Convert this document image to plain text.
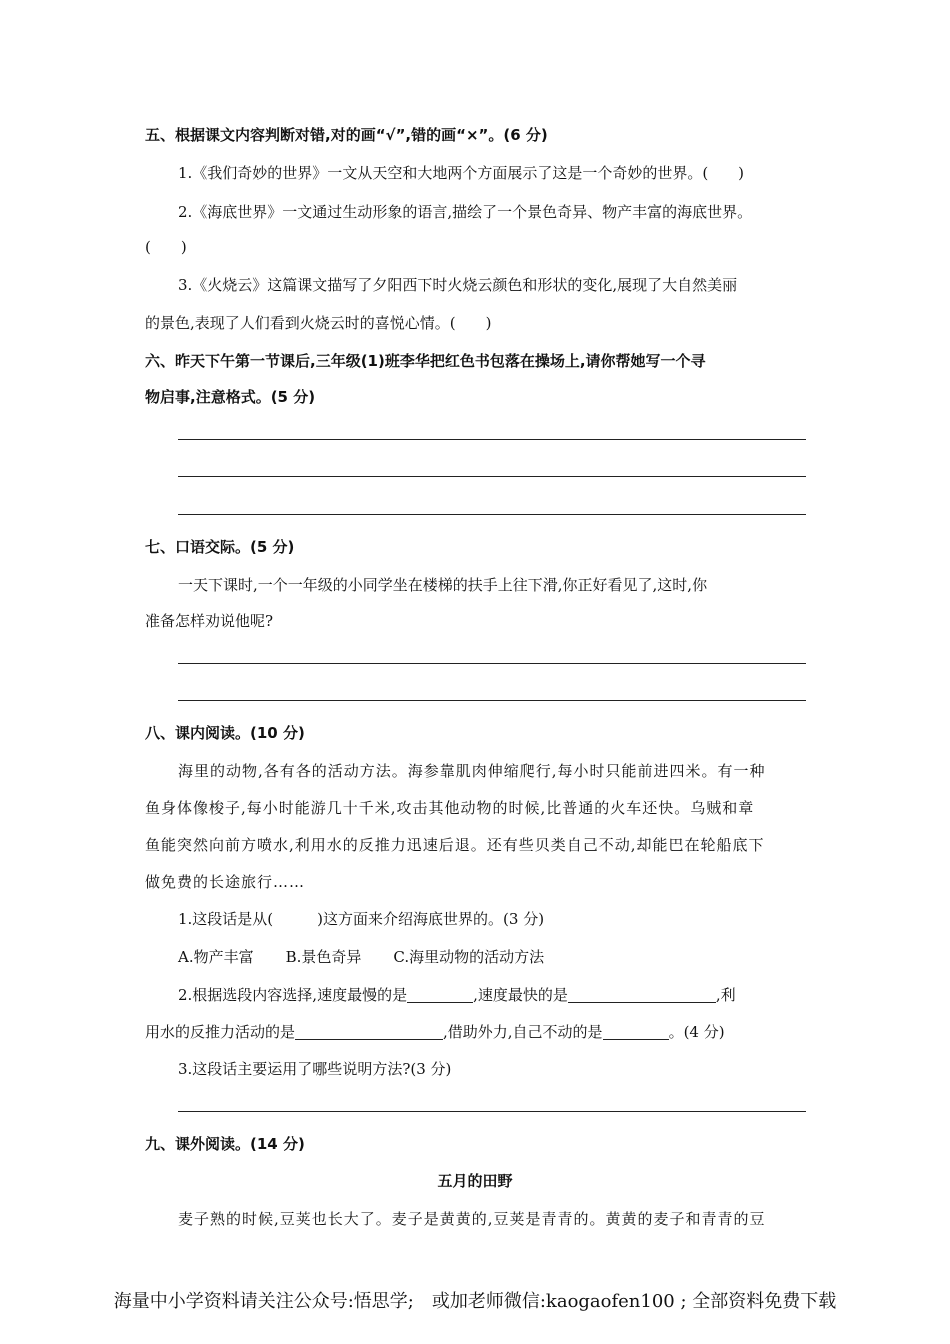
五、根据课文内容判断对错,对的画“√”,错的画“×”。(6 分)
1.《我们奇妙的世界》一文从天空和大地两个方面展示了这是一个奇妙的世界。(　　)
2.《海底世界》一文通过生动形象的语言,描绘了一个景色奇异、物产丰富的海底世界。
(　　)
3.《火烧云》这篇课文描写了夕阳西下时火烧云颜色和形状的变化,展现了大自然美丽
的景色,表现了人们看到火烧云时的喜悦心情。(　　)
六、昨天下午第一节课后,三年级(1)班李华把红色书包落在操场上,请你帮她写一个寻
物启事,注意格式。(5 分)
七、口语交际。(5 分)
一天下课时,一个一年级的小同学坐在楼梯的扶手上往下滑,你正好看见了,这时,你
准备怎样劝说他呢?
八、课内阅读。(10 分)
海里的动物,各有各的活动方法。海参靠肌肉伸缩爬行,每小时只能前进四米。有一种
鱼身体像梭子,每小时能游几十千米,攻击其他动物的时候,比普通的火车还快。乌贼和章
鱼能突然向前方喷水,利用水的反推力迅速后退。还有些贝类自己不动,却能巴在轮船底下
做免费的长途旅行……
1.这段话是从(	)这方面来介绍海底世界的。(3 分)
A.物产丰富 B.景色奇异 C.海里动物的活动方法
2.根据选段内容选择,速度最慢的是	,速度最快的是	,利
用水的反推力活动的是	,借助外力,自己不动的是	。(4 分)
3.这段话主要运用了哪些说明方法?(3 分)
九、课外阅读。(14 分)
五月的田野
麦子熟的时候,豆荚也长大了。麦子是黄黄的,豆荚是青青的。黄黄的麦子和青青的豆
海量中小学资料请关注公众号:悟思学;　或加老师微信:kaogaofen100 ; 全部资料免费下载
